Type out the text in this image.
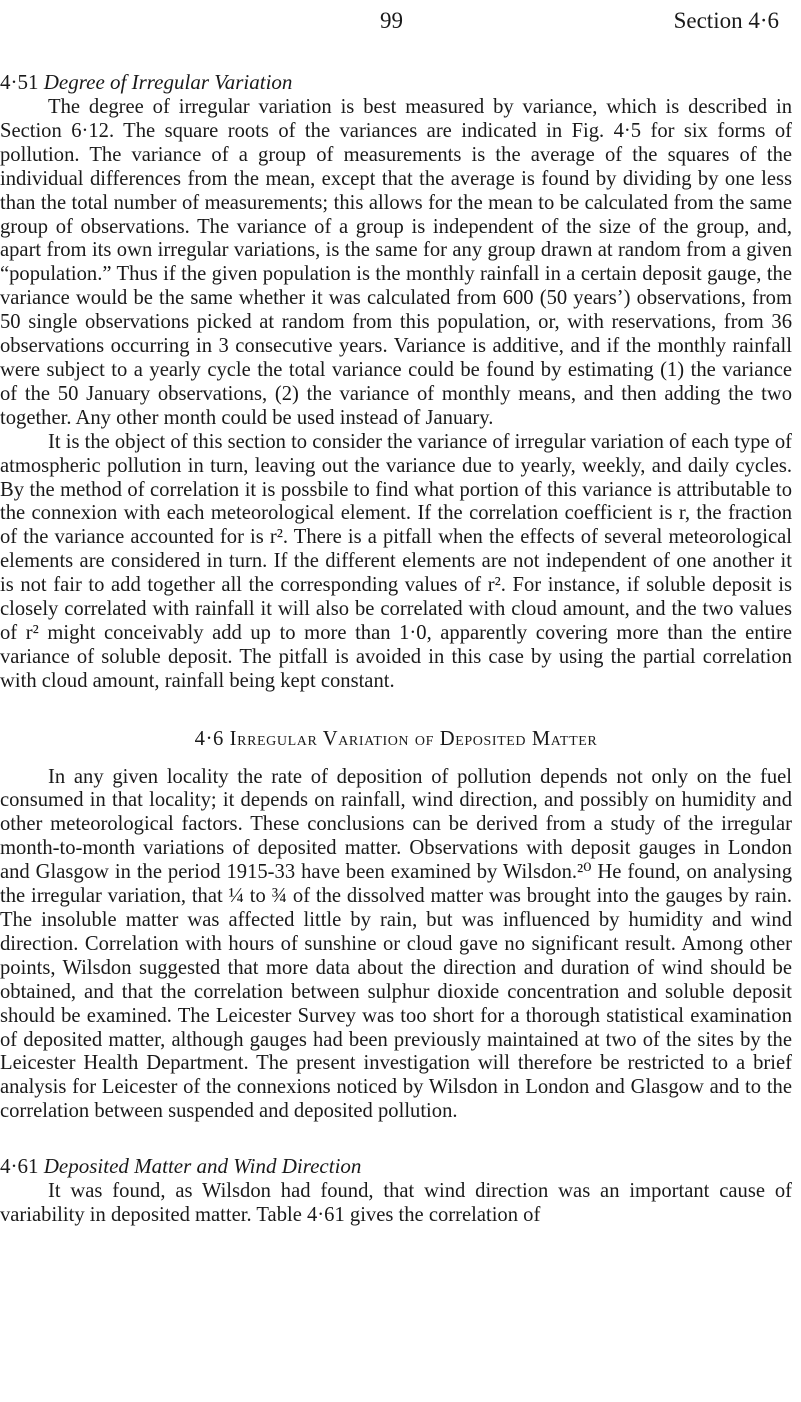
99	Section 4·6
4·51 Degree of Irregular Variation

The degree of irregular variation is best measured by variance, which is described in Section 6·12. The square roots of the variances are indicated in Fig. 4·5 for six forms of pollution. The variance of a group of measurements is the average of the squares of the individual differences from the mean, except that the average is found by dividing by one less than the total number of measurements; this allows for the mean to be calculated from the same group of observations. The variance of a group is independent of the size of the group, and, apart from its own irregular variations, is the same for any group drawn at random from a given “population.” Thus if the given population is the monthly rainfall in a certain deposit gauge, the variance would be the same whether it was calculated from 600 (50 years’) observations, from 50 single observations picked at random from this population, or, with reservations, from 36 observations occurring in 3 consecutive years. Variance is additive, and if the monthly rainfall were subject to a yearly cycle the total variance could be found by estimating (1) the variance of the 50 January observations, (2) the variance of monthly means, and then adding the two together. Any other month could be used instead of January.

It is the object of this section to consider the variance of irregular variation of each type of atmospheric pollution in turn, leaving out the variance due to yearly, weekly, and daily cycles. By the method of correlation it is possbile to find what portion of this variance is attributable to the connexion with each meteorological element. If the correlation coefficient is r, the fraction of the variance accounted for is r². There is a pitfall when the effects of several meteorological elements are considered in turn. If the different elements are not independent of one another it is not fair to add together all the corresponding values of r². For instance, if soluble deposit is closely correlated with rainfall it will also be correlated with cloud amount, and the two values of r² might conceivably add up to more than 1·0, apparently covering more than the entire variance of soluble deposit. The pitfall is avoided in this case by using the partial correlation with cloud amount, rainfall being kept constant.

4·6 Irregular Variation of Deposited Matter

In any given locality the rate of deposition of pollution depends not only on the fuel consumed in that locality; it depends on rainfall, wind direction, and possibly on humidity and other meteorological factors. These conclusions can be derived from a study of the irregular month-to-month variations of deposited matter. Observations with deposit gauges in London and Glasgow in the period 1915-33 have been examined by Wilsdon.²⁰ He found, on analysing the irregular variation, that ¼ to ¾ of the dissolved matter was brought into the gauges by rain. The insoluble matter was affected little by rain, but was influenced by humidity and wind direction. Correlation with hours of sunshine or cloud gave no significant result. Among other points, Wilsdon suggested that more data about the direction and duration of wind should be obtained, and that the correlation between sulphur dioxide concentration and soluble deposit should be examined. The Leicester Survey was too short for a thorough statistical examination of deposited matter, although gauges had been previously maintained at two of the sites by the Leicester Health Department. The present investigation will therefore be restricted to a brief analysis for Leicester of the connexions noticed by Wilsdon in London and Glasgow and to the correlation between suspended and deposited pollution.

4·61 Deposited Matter and Wind Direction

It was found, as Wilsdon had found, that wind direction was an important cause of variability in deposited matter. Table 4·61 gives the correlation of
